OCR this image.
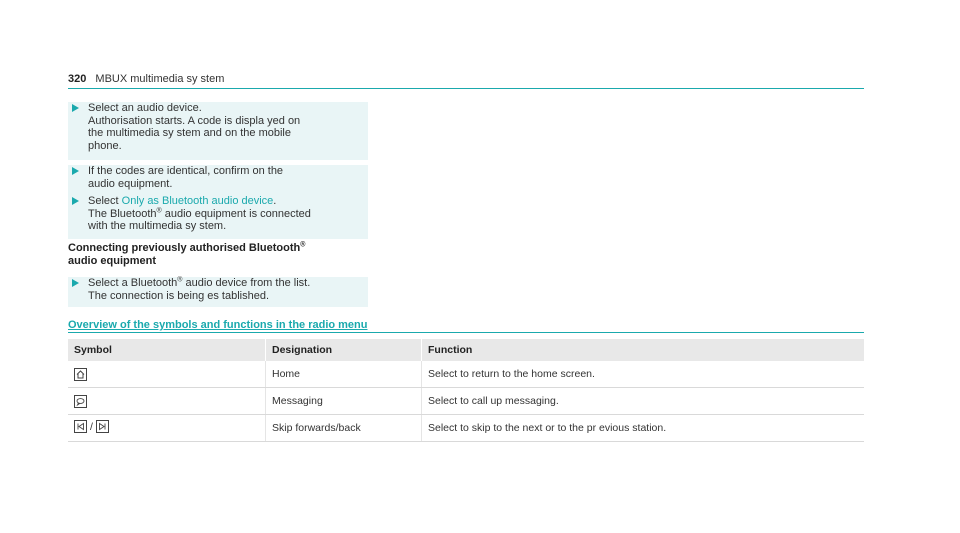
320 MBUX multimedia sy stem
Select an audio device.
Authorisation starts. A code is displa yed on
the multimedia sy stem and on the mobile
phone.
If the codes are identical, confirm on the
audio equipment.
Select Only as Bluetooth audio device.
The Bluetooth® audio equipment is connected
with the multimedia sy stem.
Connecting previously authorised Bluetooth®
audio equipment
Select a Bluetooth® audio device from the list.
The connection is being es tablished.
Overview of the symbols and functions in the radio menu
Symbol	Designation	Function

	Home	Select to return to the home screen.

	Messaging	Select to call up messaging.

/	Skip forwards/back	Select to skip to the next or to the pr evious station.
